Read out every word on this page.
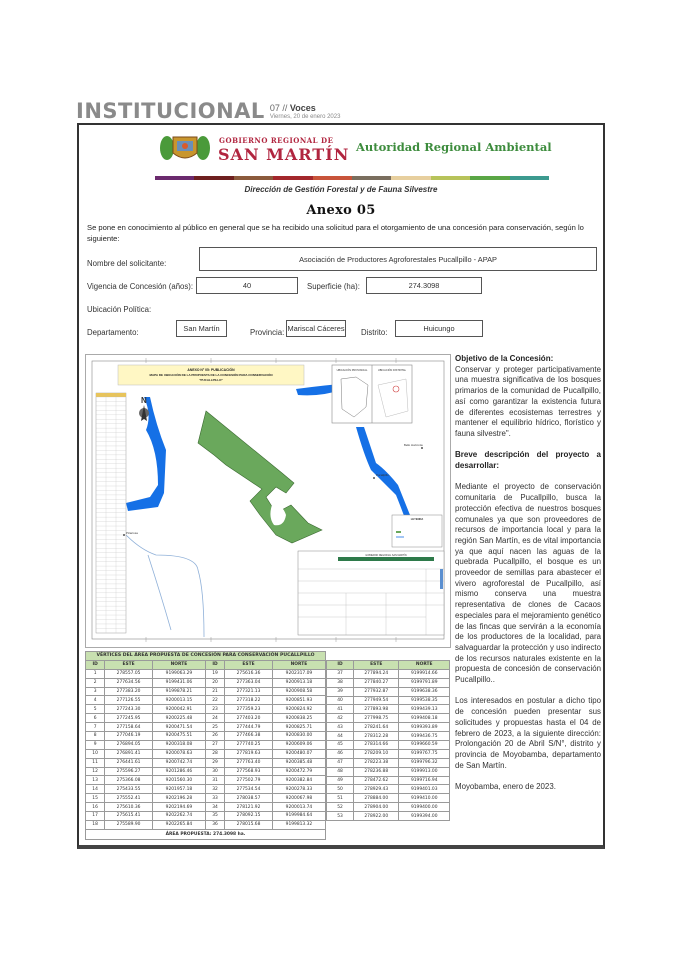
INSTITUCIONAL 07 // Voces
Viernes, 20 de enero 2023
GOBIERNO REGIONAL DE
SAN MARTÍN Autoridad Regional Ambiental
Dirección de Gestión Forestal y de Fauna Silvestre
Anexo 05
Se pone en conocimiento al público en general que se ha recibido una solicitud para el otorgamiento de una concesión para conservación, según lo siguiente:
Nombre del solicitante:	Asociación de Productores Agroforestales Pucallpillo - APAP
Vigencia de Concesión (años):	40	Superficie (ha):	274.3098
Ubicación Política:
Departamento:	San Martín	Provincia: Mariscal Cáceres Distrito:	Huicungo
ANEXO N° 05: PUBLICACIÓN
MAPA DE UBICACIÓN DE LA PROPUESTA DE LA CONCESIÓN PARA CONSERVACIÓN
"PUCALLPILLO"
N
UBICACIÓN PROVINCIAL	UBICACIÓN DISTRITAL
Bello Horizonte
Pucallpillo
Pizarrosa
LEYENDA
GOBIERNO REGIONAL SAN MARTÍN
Objetivo de la Concesión:

Conservar y proteger participativamente una muestra significativa de los bosques primarios de la comunidad de Pucallpillo, así como garantizar la existencia futura de diferentes ecosistemas terrestres y mantener el equilibrio hídrico, florístico y fauna silvestre".

Breve descripción del proyecto a desarrollar:

Mediante el proyecto de conservación comunitaria de Pucallpillo, busca la protección efectiva de nuestros bosques comunales ya que son proveedores de recursos de importancia local y para la región San Martín, es de vital importancia ya que aquí nacen las aguas de la quebrada Pucallpillo, el bosque es un proveedor de semillas para abastecer el vivero agroforestal de Pucallpillo, así mismo conserva una muestra representativa de clones de Cacaos especiales para el mejoramiento genético de las fincas que servirán a la economía de los productores de la localidad, para salvaguardar la protección y uso indirecto de los recursos naturales existente en la propuesta de concesión de conservación Pucallpillo..

Los interesados en postular a dicho tipo de concesión pueden presentar sus solicitudes y propuestas hasta el 04 de febrero de 2023, a la siguiente dirección: Prolongación 20 de Abril S/N°, distrito y provincia de Moyobamba, departamento de San Martín.

Moyobamba, enero de 2023.

VÉRTICES DEL ÁREA PROPUESTA DE CONCESIÓN PARA CONSERVACIÓN PUCALLPILLO					
ID	ESTE	NORTE	ID	ESTE	NORTE
1	278557.05	9199063.29	19	275616.36	9202317.09
2	277634.56	9199431.06	20	277363.04	9200913.18
3	277383.20	9199878.21	21	277321.13	9200908.58
4	277126.55	9200013.15	22	277318.22	9200851.93
5	277243.30	9200042.91	23	277359.23	9200824.92
6	277245.95	9200225.48	24	277403.20	9200838.25
7	277158.64	9200471.54	25	277444.79	9200825.71
8	277046.19	9200475.51	26	277466.38	9200830.00
9	276894.05	9200318.08	27	277740.25	9200609.06
10	276891.41	9200078.63	28	277819.63	9200480.07
11	276441.61	9200742.74	29	277763.40	9200385.48
12	275596.27	9201286.46	30	277568.93	9200472.79
13	275366.08	9201560.30	31	277502.79	9200382.84
14	275433.55	9201957.18	32	277534.54	9200278.33
15	275552.41	9202196.28	33	278038.57	9200067.98
16	275610.36	9202194.69	34	278121.92	9200013.74
17	275615.41	9202262.74	35	278092.15	9199984.64
18	275589.90	9202265.84	36	278015.68	9199813.32
ÁREA PROPUESTA: 274.3098 ha.					
ID	ESTE	NORTE
37	277894.24	9199914.66
38	277840.27	9199791.89
39	277932.87	9199638.36
40	277949.54	9199538.35
41	277893.98	9199439.13
42	277998.75	9199408.18
43	278241.64	9199393.89
44	278312.28	9199436.75
45	278314.66	9199660.59
46	278209.10	9199767.75
47	278223.38	9199796.32
48	278236.88	9199913.00
49	278472.62	9199716.94
50	278929.43	9199401.03
51	278884.00	9199410.00
52	278904.00	9199400.00
53	278922.00	9199394.00
